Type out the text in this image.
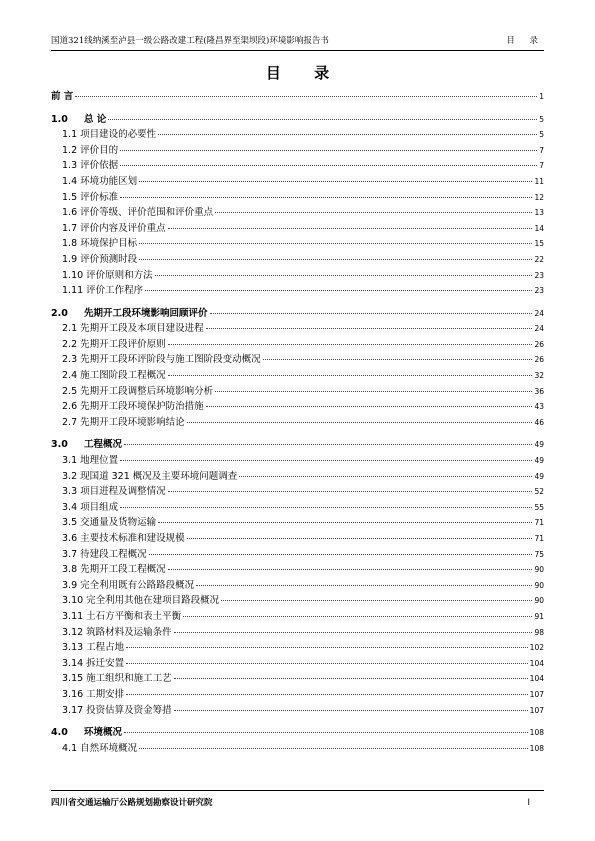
国道321线纳溪至泸县一级公路改建工程(隆昌界至渠坝段)环境影响报告书	目 录
目 录
前 言	1
1.0	总 论	5
1.1 项目建设的必要性	5
1.2 评价目的	7
1.3 评价依据	7
1.4 环境功能区划	11
1.5 评价标准	12
1.6 评价等级、评价范围和评价重点	13
1.7 评价内容及评价重点	14
1.8 环境保护目标	15
1.9 评价预测时段	22
1.10 评价原则和方法	23
1.11 评价工作程序	23
2.0	先期开工段环境影响回顾评价	24
2.1 先期开工段及本项目建设进程	24
2.2 先期开工段评价原则	26
2.3 先期开工段环评阶段与施工图阶段变动概况	26
2.4 施工图阶段工程概况	32
2.5 先期开工段调整后环境影响分析	36
2.6 先期开工段环境保护防治措施	43
2.7 先期开工段环境影响结论	46
3.0	工程概况	49
3.1 地理位置	49
3.2 现国道 321 概况及主要环境问题调查	49
3.3 项目进程及调整情况	52
3.4 项目组成	55
3.5 交通量及货物运输	71
3.6 主要技术标准和建设规模	71
3.7 待建段工程概况	75
3.8 先期开工段工程概况	90
3.9 完全利用既有公路路段概况	90
3.10 完全利用其他在建项目路段概况	90
3.11 土石方平衡和表土平衡	91
3.12 筑路材料及运输条件	98
3.13 工程占地	102
3.14 拆迁安置	104
3.15 施工组织和施工工艺	104
3.16 工期安排	107
3.17 投资估算及资金筹措	107
4.0	环境概况	108
4.1 自然环境概况	108
四川省交通运输厅公路规划勘察设计研究院	I
